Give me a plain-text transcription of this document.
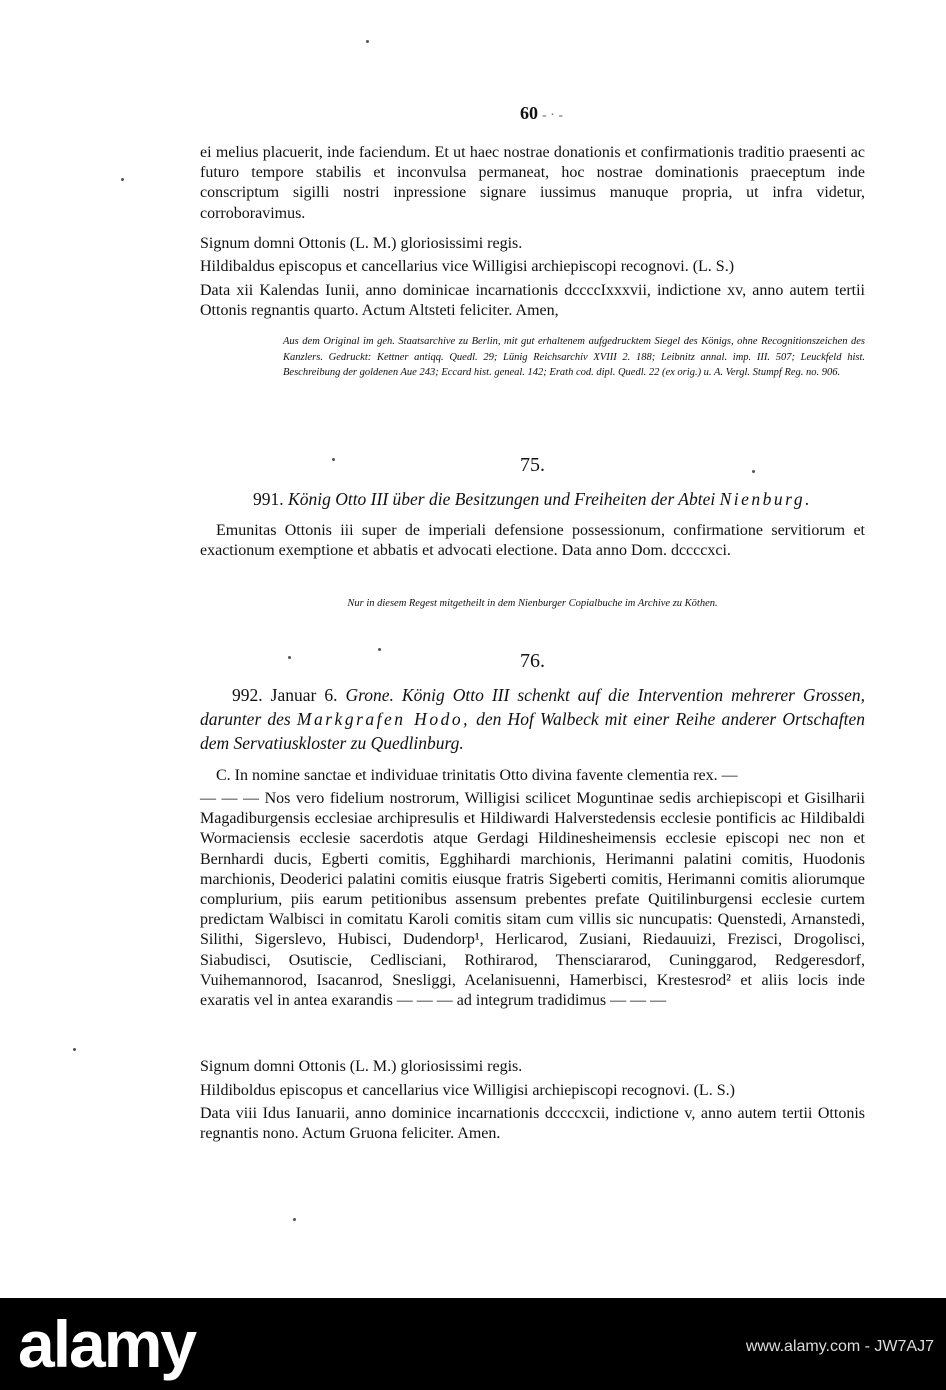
60 - · -

ei melius placuerit, inde faciendum. Et ut haec nostrae donationis et confirmationis traditio praesenti ac futuro tempore stabilis et inconvulsa permaneat, hoc nostrae dominationis praeceptum inde conscriptum sigilli nostri inpressione signare iussimus manuque propria, ut infra videtur, corroboravimus.

Signum domni Ottonis (L. M.) gloriosissimi regis.

Hildibaldus episcopus et cancellarius vice Willigisi archiepiscopi recognovi. (L. S.)

Data xii Kalendas Iunii, anno dominicae incarnationis dccccIxxxvii, indictione xv, anno autem tertii Ottonis regnantis quarto. Actum Altsteti feliciter. Amen,

Aus dem Original im geh. Staatsarchive zu Berlin, mit gut erhaltenem aufgedrucktem Siegel des Königs, ohne Recognitionszeichen des Kanzlers. Gedruckt: Kettner antiqq. Quedl. 29; Lünig Reichsarchiv XVIII 2. 188; Leibnitz annal. imp. III. 507; Leuckfeld hist. Beschreibung der goldenen Aue 243; Eccard hist. geneal. 142; Erath cod. dipl. Quedl. 22 (ex orig.) u. A. Vergl. Stumpf Reg. no. 906.

75.
991. König Otto III über die Besitzungen und Freiheiten der Abtei Nienburg.

Emunitas Ottonis iii super de imperiali defensione possessionum, confirmatione servitiorum et exactionum exemptione et abbatis et advocati electione. Data anno Dom. dccccxci.

Nur in diesem Regest mitgetheilt in dem Nienburger Copialbuche im Archive zu Köthen.

76.
992. Januar 6. Grone. König Otto III schenkt auf die Intervention mehrerer Grossen, darunter des Markgrafen Hodo, den Hof Walbeck mit einer Reihe anderer Ortschaften dem Servatiuskloster zu Quedlinburg.

C. In nomine sanctae et individuae trinitatis Otto divina favente clementia rex. —

— — — Nos vero fidelium nostrorum, Willigisi scilicet Moguntinae sedis archiepiscopi et Gisilharii Magadiburgensis ecclesiae archipresulis et Hildiwardi Halverstedensis ecclesie pontificis ac Hildibaldi Wormaciensis ecclesie sacerdotis atque Gerdagi Hildinesheimensis ecclesie episcopi nec non et Bernhardi ducis, Egberti comitis, Egghihardi marchionis, Herimanni palatini comitis, Huodonis marchionis, Deoderici palatini comitis eiusque fratris Sigeberti comitis, Herimanni comitis aliorumque complurium, piis earum petitionibus assensum prebentes prefate Quitilinburgensi ecclesie curtem predictam Walbisci in comitatu Karoli comitis sitam cum villis sic nuncupatis: Quenstedi, Arnanstedi, Silithi, Sigerslevo, Hubisci, Dudendorp¹, Herlicarod, Zusiani, Riedauuizi, Frezisci, Drogolisci, Siabudisci, Osutiscie, Cedlisciani, Rothirarod, Thensciararod, Cuninggarod, Redgeresdorf, Vuihemannorod, Isacanrod, Snesliggi, Acelanisuenni, Hamerbisci, Krestesrod² et aliis locis inde exaratis vel in antea exarandis — — — ad integrum tradidimus — — —

Signum domni Ottonis (L. M.) gloriosissimi regis.

Hildiboldus episcopus et cancellarius vice Willigisi archiepiscopi recognovi. (L. S.)

Data viii Idus Ianuarii, anno dominice incarnationis dccccxcii, indictione v, anno autem tertii Ottonis regnantis nono. Actum Gruona feliciter. Amen.

alamy	www.alamy.com - JW7AJ7
